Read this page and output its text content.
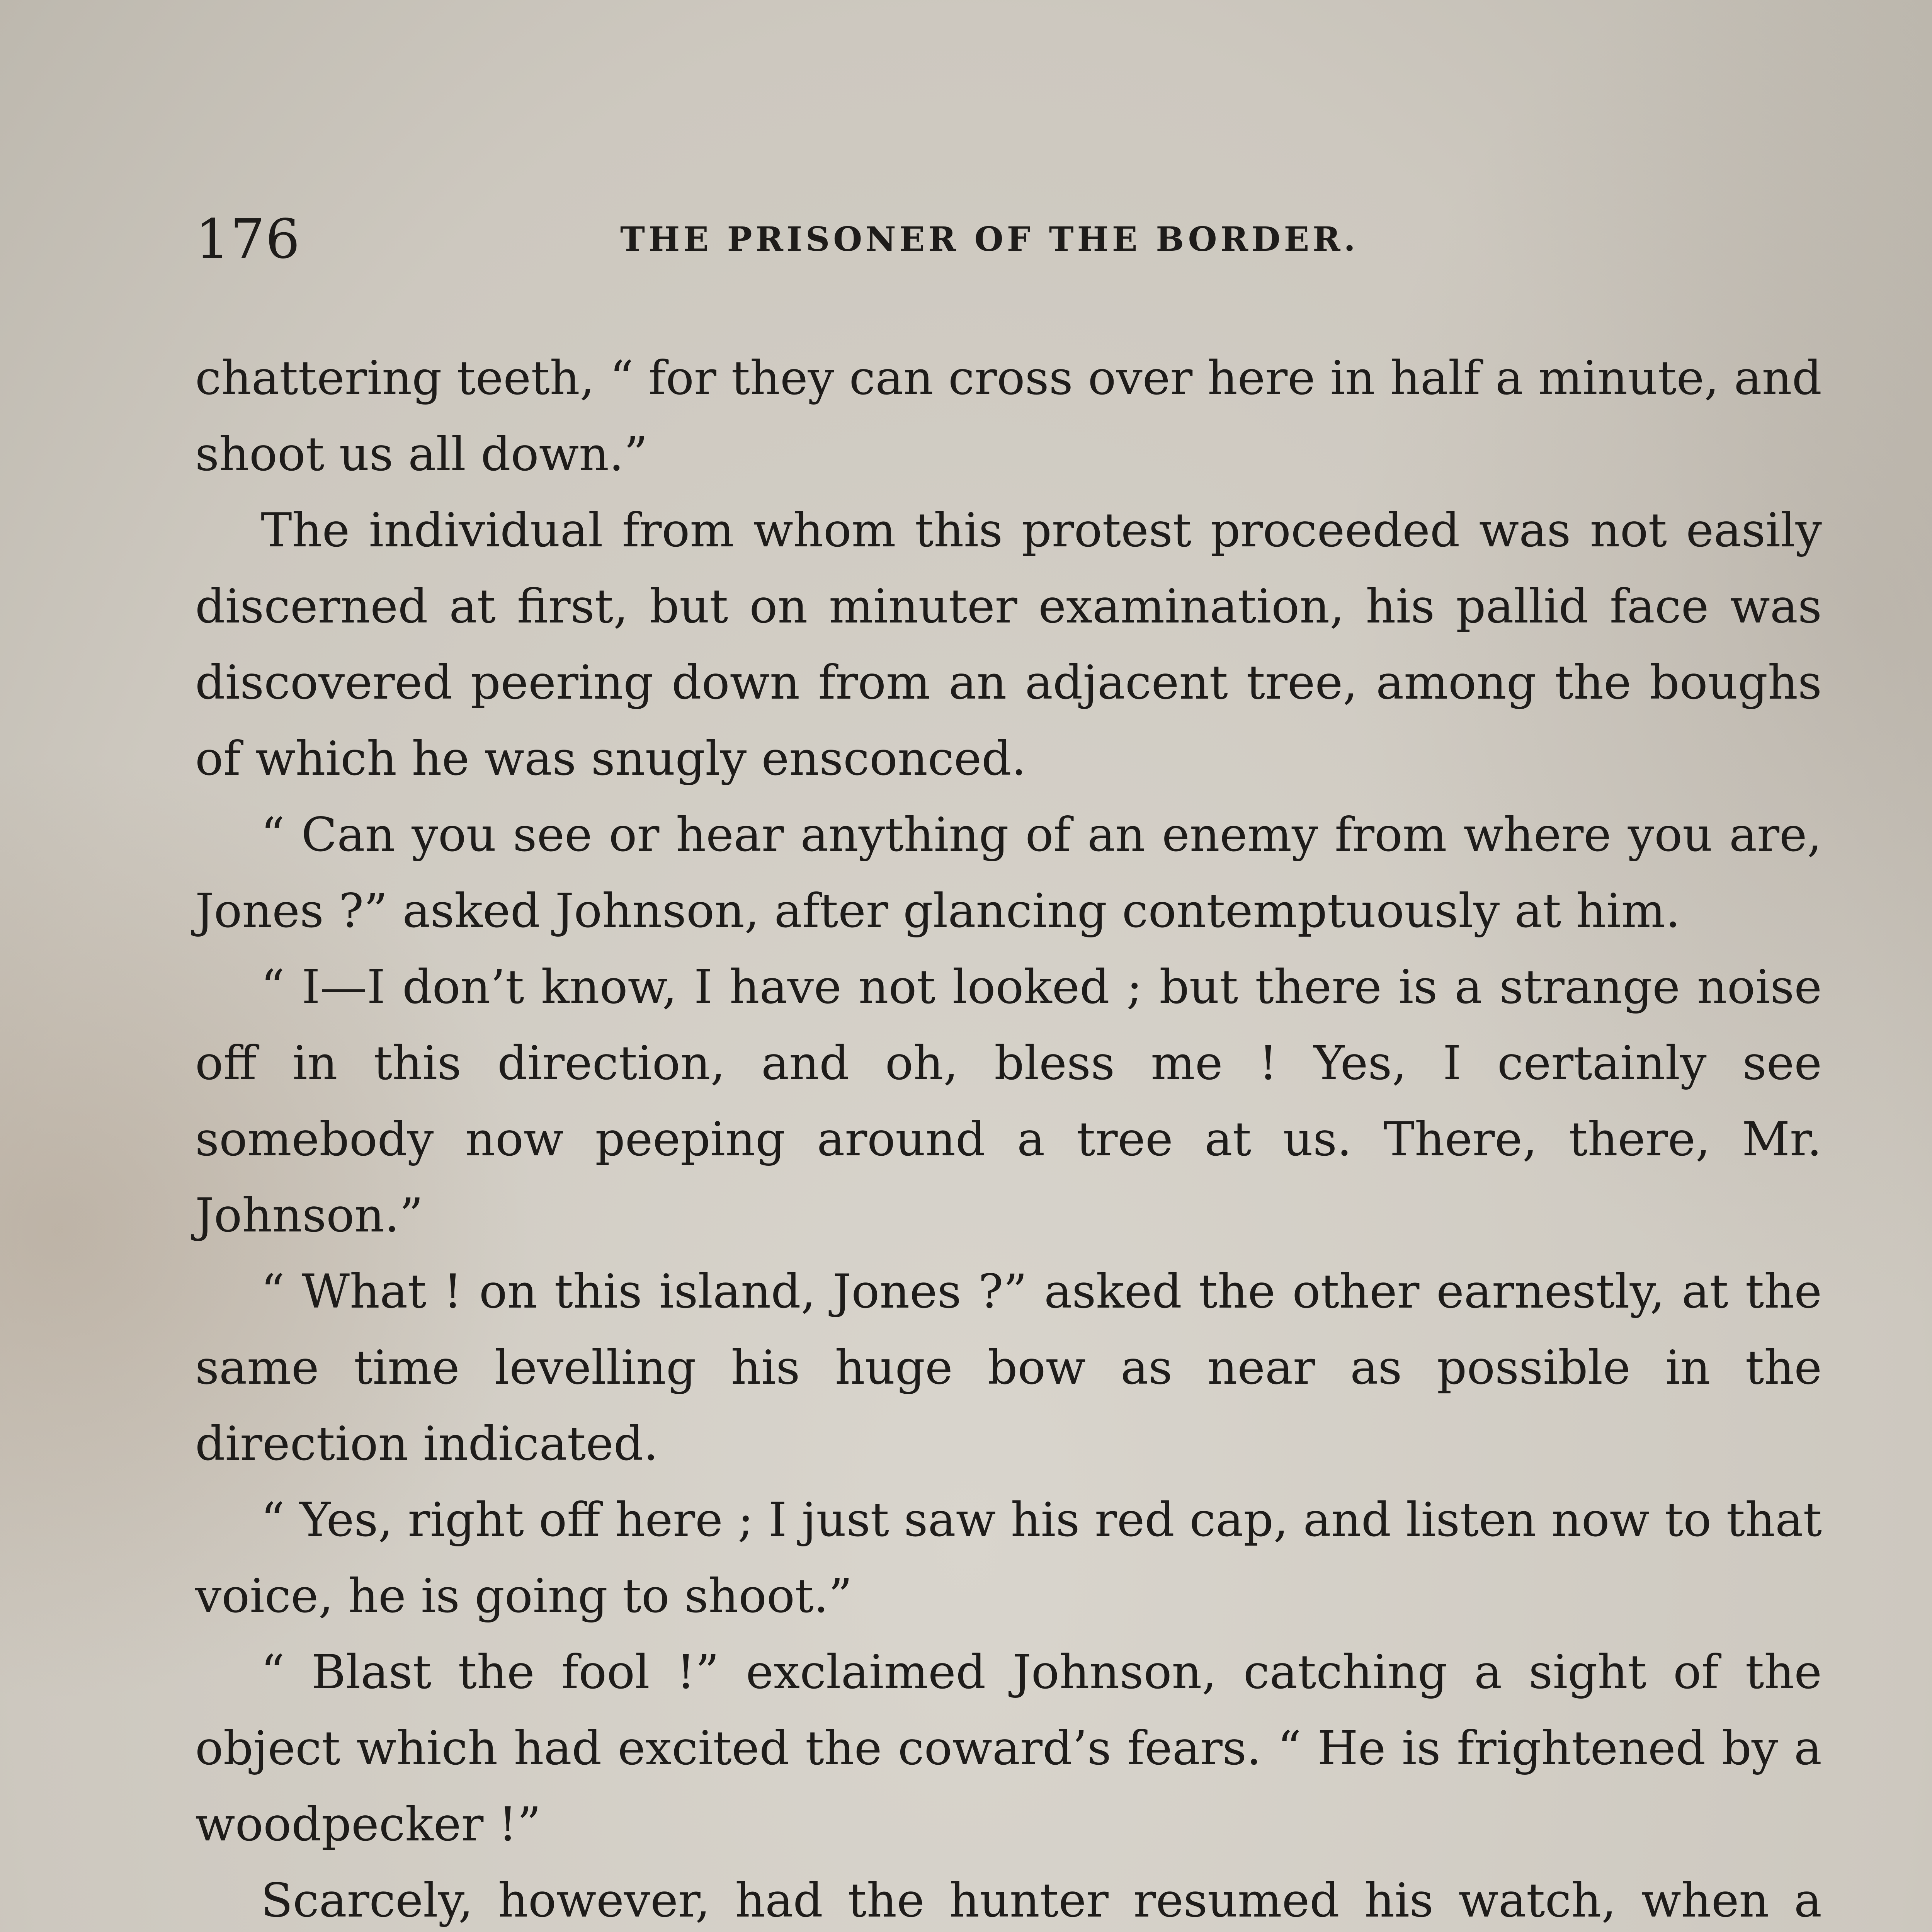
176	THE PRISONER OF THE BORDER.

chattering teeth, “ for they can cross over here in half a minute, and shoot us all down.”

The individual from whom this protest proceeded was not easily discerned at first, but on minuter examination, his pallid face was discovered peering down from an adjacent tree, among the boughs of which he was snugly ensconced.

“ Can you see or hear anything of an enemy from where you are, Jones ?” asked Johnson, after glancing contemptuously at him.

“ I—I don’t know, I have not looked ; but there is a strange noise off in this direction, and oh, bless me ! Yes, I certainly see somebody now peeping around a tree at us. There, there, Mr. Johnson.”

“ What ! on this island, Jones ?” asked the other earnestly, at the same time levelling his huge bow as near as possible in the direction indicated.

“ Yes, right off here ; I just saw his red cap, and listen now to that voice, he is going to shoot.”

“ Blast the fool !” exclaimed Johnson, catching a sight of the object which had excited the coward’s fears. “ He is frightened by a woodpecker !”

Scarcely, however, had the hunter resumed his watch, when a
